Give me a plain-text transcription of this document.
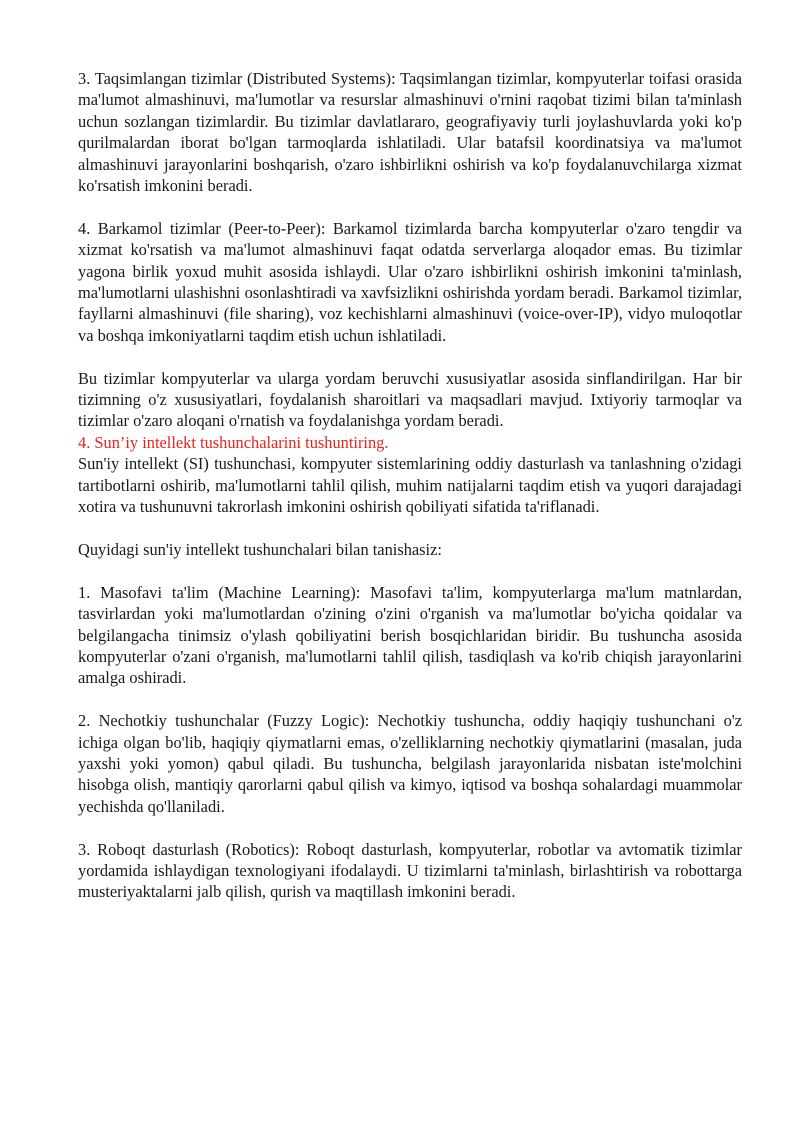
3. Taqsimlangan tizimlar (Distributed Systems): Taqsimlangan tizimlar, kompyuterlar toifasi orasida ma'lumot almashinuvi, ma'lumotlar va resurslar almashinuvi o'rnini raqobat tizimi bilan ta'minlash uchun sozlangan tizimlardir. Bu tizimlar davlatlararo, geografiyaviy turli joylashuvlarda yoki ko'p qurilmalardan iborat bo'lgan tarmoqlarda ishlatiladi. Ular batafsil koordinatsiya va ma'lumot almashinuvi jarayonlarini boshqarish, o'zaro ishbirlikni oshirish va ko'p foydalanuvchilarga xizmat ko'rsatish imkonini beradi.

4. Barkamol tizimlar (Peer-to-Peer): Barkamol tizimlarda barcha kompyuterlar o'zaro tengdir va xizmat ko'rsatish va ma'lumot almashinuvi faqat odatda serverlarga aloqador emas. Bu tizimlar yagona birlik yoxud muhit asosida ishlaydi. Ular o'zaro ishbirlikni oshirish imkonini ta'minlash, ma'lumotlarni ulashishni osonlashtiradi va xavfsizlikni oshirishda yordam beradi. Barkamol tizimlar, fayllarni almashinuvi (file sharing), voz kechishlarni almashinuvi (voice-over-IP), vidyo muloqotlar va boshqa imkoniyatlarni taqdim etish uchun ishlatiladi.

Bu tizimlar kompyuterlar va ularga yordam beruvchi xususiyatlar asosida sinflandirilgan. Har bir tizimning o'z xususiyatlari, foydalanish sharoitlari va maqsadlari mavjud. Ixtiyoriy tarmoqlar va tizimlar o'zaro aloqani o'rnatish va foydalanishga yordam beradi.

4. Sun’iy intellekt tushunchalarini tushuntiring.

Sun'iy intellekt (SI) tushunchasi, kompyuter sistemlarining oddiy dasturlash va tanlashning o'zidagi tartibotlarni oshirib, ma'lumotlarni tahlil qilish, muhim natijalarni taqdim etish va yuqori darajadagi xotira va tushunuvni takrorlash imkonini oshirish qobiliyati sifatida ta'riflanadi.

Quyidagi sun'iy intellekt tushunchalari bilan tanishasiz:

1. Masofavi ta'lim (Machine Learning): Masofavi ta'lim, kompyuterlarga ma'lum matnlardan, tasvirlardan yoki ma'lumotlardan o'zining o'zini o'rganish va ma'lumotlar bo'yicha qoidalar va belgilangacha tinimsiz o'ylash qobiliyatini berish bosqichlaridan biridir. Bu tushuncha asosida kompyuterlar o'zani o'rganish, ma'lumotlarni tahlil qilish, tasdiqlash va ko'rib chiqish jarayonlarini amalga oshiradi.

2. Nechotkiy tushunchalar (Fuzzy Logic): Nechotkiy tushuncha, oddiy haqiqiy tushunchani o'z ichiga olgan bo'lib, haqiqiy qiymatlarni emas, o'zelliklarning nechotkiy qiymatlarini (masalan, juda yaxshi yoki yomon) qabul qiladi. Bu tushuncha, belgilash jarayonlarida nisbatan iste'molchini hisobga olish, mantiqiy qarorlarni qabul qilish va kimyo, iqtisod va boshqa sohalardagi muammolar yechishda qo'llaniladi.

3. Roboqt dasturlash (Robotics): Roboqt dasturlash, kompyuterlar, robotlar va avtomatik tizimlar yordamida ishlaydigan texnologiyani ifodalaydi. U tizimlarni ta'minlash, birlashtirish va robottarga musteriyaktalarni jalb qilish, qurish va maqtillash imkonini beradi.
